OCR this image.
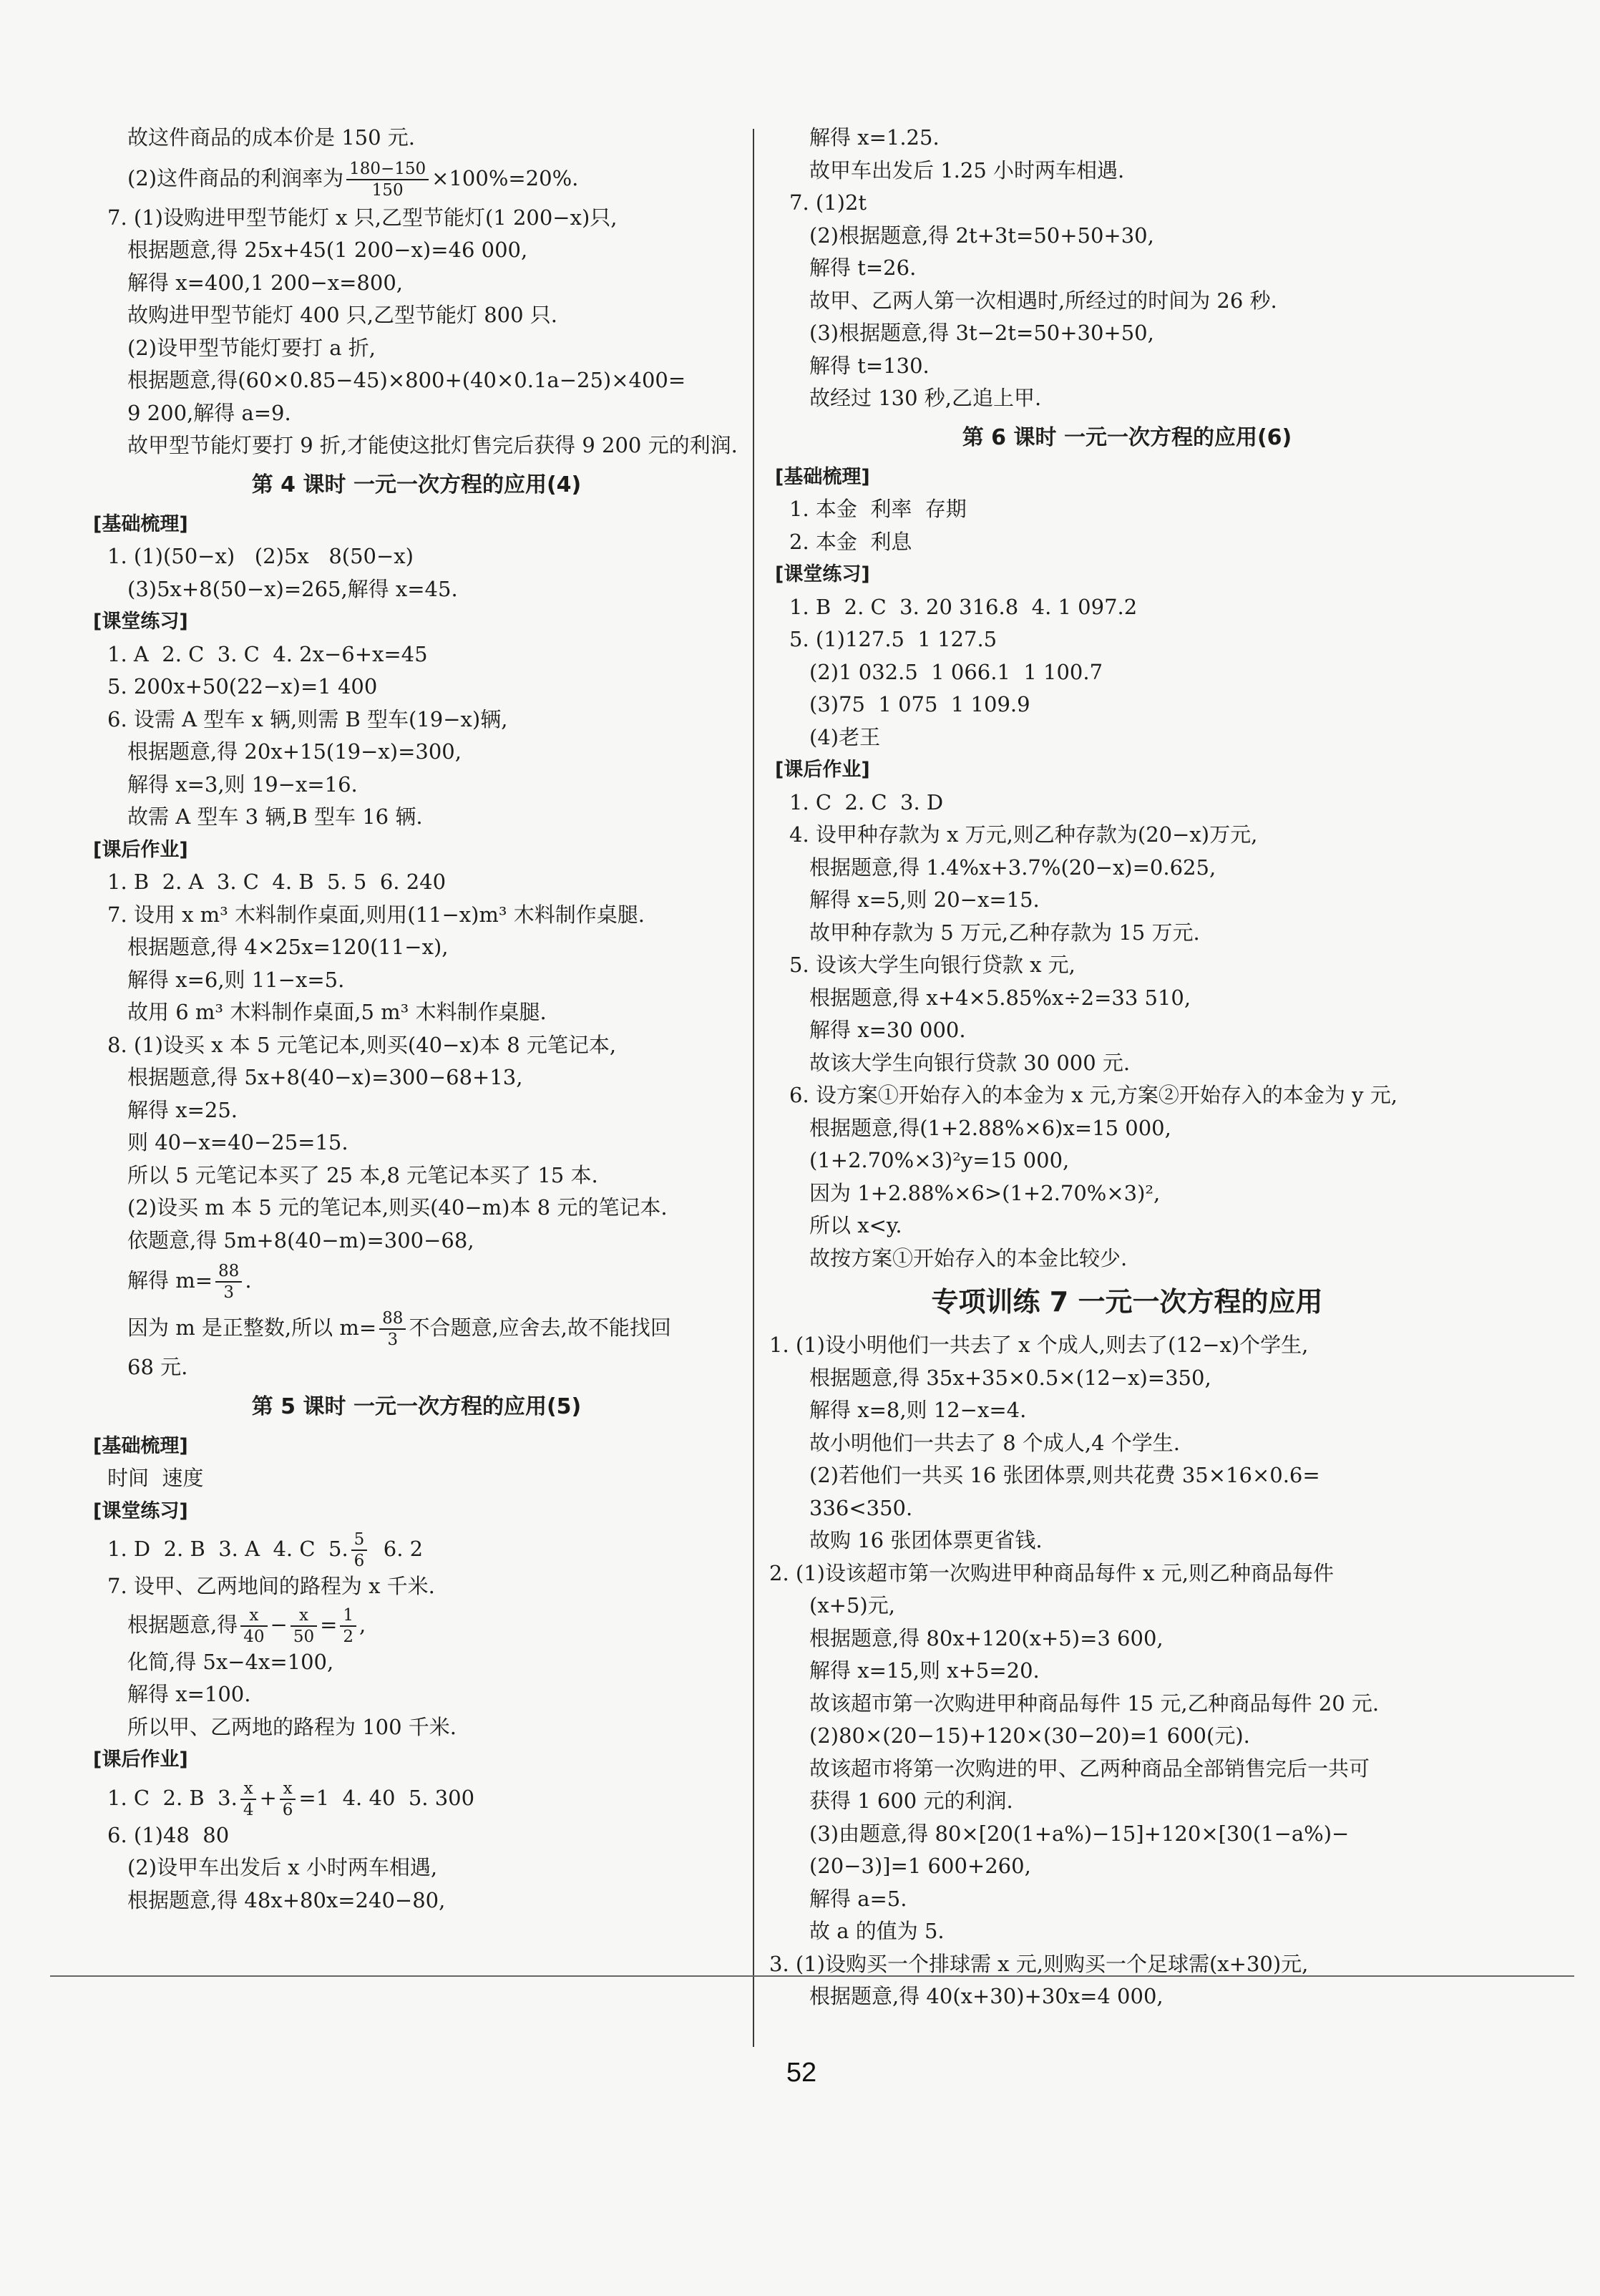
故这件商品的成本价是 150 元.
(2)这件商品的利润率为 $\frac{180-150}{150} \times 100\%=20\%$.
7. (1)设购进甲型节能灯 x 只,乙型节能灯(1 200−x)只,
根据题意,得 25x+45(1 200−x)=46 000,
解得 x=400,1 200−x=800,
故购进甲型节能灯 400 只,乙型节能灯 800 只.
(2)设甲型节能灯要打 a 折,
根据题意,得(60×0.85−45)×800+(40×0.1a−25)×400=
9 200,解得 a=9.
故甲型节能灯要打 9 折,才能使这批灯售完后获得 9 200 元的利润.
第 4 课时 一元一次方程的应用(4)
[基础梳理]
1. (1)(50−x)   (2)5x   8(50−x)
(3)5x+8(50−x)=265,解得 x=45.
[课堂练习]
1. A  2. C  3. C  4. 2x−6+x=45
5. 200x+50(22−x)=1 400
6. 设需 A 型车 x 辆,则需 B 型车(19−x)辆,
根据题意,得 20x+15(19−x)=300,
解得 x=3,则 19−x=16.
故需 A 型车 3 辆,B 型车 16 辆.
[课后作业]
1. B  2. A  3. C  4. B  5. 5  6. 240
7. 设用 x m³ 木料制作桌面,则用(11−x)m³ 木料制作桌腿.
根据题意,得 4×25x=120(11−x),
解得 x=6,则 11−x=5.
故用 6 m³ 木料制作桌面,5 m³ 木料制作桌腿.
8. (1)设买 x 本 5 元笔记本,则买(40−x)本 8 元笔记本,
根据题意,得 5x+8(40−x)=300−68+13,
解得 x=25.
则 40−x=40−25=15.
所以 5 元笔记本买了 25 本,8 元笔记本买了 15 本.
(2)设买 m 本 5 元的笔记本,则买(40−m)本 8 元的笔记本.
依题意,得 5m+8(40−m)=300−68,
解得 $m= \frac{88}{3}$ .
因为 m 是正整数,所以 $m= \frac{88}{3}$ 不合题意,应舍去,故不能找回
68 元.
第 5 课时 一元一次方程的应用(5)
[基础梳理]
时间  速度
[课堂练习]
1. D  2. B  3. A  4. C  5. $\frac{5}{6} 6$. 2
7. 设甲、乙两地间的路程为 x 千米.
根据题意,得 $\frac{x}{40} - \frac{x}{50} = \frac{1}{2}$ ,
化简,得 5x−4x=100,
解得 x=100.
所以甲、乙两地的路程为 100 千米.
[课后作业]
1. C  2. B  3. $\frac{x}{4} + \frac{x}{6} =1$  4. 40  5. 300
6. (1)48  80
(2)设甲车出发后 x 小时两车相遇,
根据题意,得 48x+80x=240−80,
解得 x=1.25.
故甲车出发后 1.25 小时两车相遇.
7. (1)2t
(2)根据题意,得 2t+3t=50+50+30,
解得 t=26.
故甲、乙两人第一次相遇时,所经过的时间为 26 秒.
(3)根据题意,得 3t−2t=50+30+50,
解得 t=130.
故经过 130 秒,乙追上甲.
第 6 课时 一元一次方程的应用(6)
[基础梳理]
1. 本金  利率  存期
2. 本金  利息
[课堂练习]
1. B  2. C  3. 20 316.8  4. 1 097.2
5. (1)127.5  1 127.5
(2)1 032.5  1 066.1  1 100.7
(3)75  1 075  1 109.9
(4)老王
[课后作业]
1. C  2. C  3. D
4. 设甲种存款为 x 万元,则乙种存款为(20−x)万元,
根据题意,得 1.4%x+3.7%(20−x)=0.625,
解得 x=5,则 20−x=15.
故甲种存款为 5 万元,乙种存款为 15 万元.
5. 设该大学生向银行贷款 x 元,
根据题意,得 x+4×5.85%x÷2=33 510,
解得 x=30 000.
故该大学生向银行贷款 30 000 元.
6. 设方案①开始存入的本金为 x 元,方案②开始存入的本金为 y 元,
根据题意,得(1+2.88%×6)x=15 000,
(1+2.70%×3)²y=15 000,
因为 1+2.88%×6>(1+2.70%×3)²,
所以 x<y.
故按方案①开始存入的本金比较少.
专项训练 7 一元一次方程的应用
1. (1)设小明他们一共去了 x 个成人,则去了(12−x)个学生,
根据题意,得 35x+35×0.5×(12−x)=350,
解得 x=8,则 12−x=4.
故小明他们一共去了 8 个成人,4 个学生.
(2)若他们一共买 16 张团体票,则共花费 35×16×0.6=
336<350.
故购 16 张团体票更省钱.
2. (1)设该超市第一次购进甲种商品每件 x 元,则乙种商品每件
(x+5)元,
根据题意,得 80x+120(x+5)=3 600,
解得 x=15,则 x+5=20.
故该超市第一次购进甲种商品每件 15 元,乙种商品每件 20 元.
(2)80×(20−15)+120×(30−20)=1 600(元).
故该超市将第一次购进的甲、乙两种商品全部销售完后一共可
获得 1 600 元的利润.
(3)由题意,得 80×[20(1+a%)−15]+120×[30(1−a%)−
(20−3)]=1 600+260,
解得 a=5.
故 a 的值为 5.
3. (1)设购买一个排球需 x 元,则购买一个足球需(x+30)元,
根据题意,得 40(x+30)+30x=4 000,
52
